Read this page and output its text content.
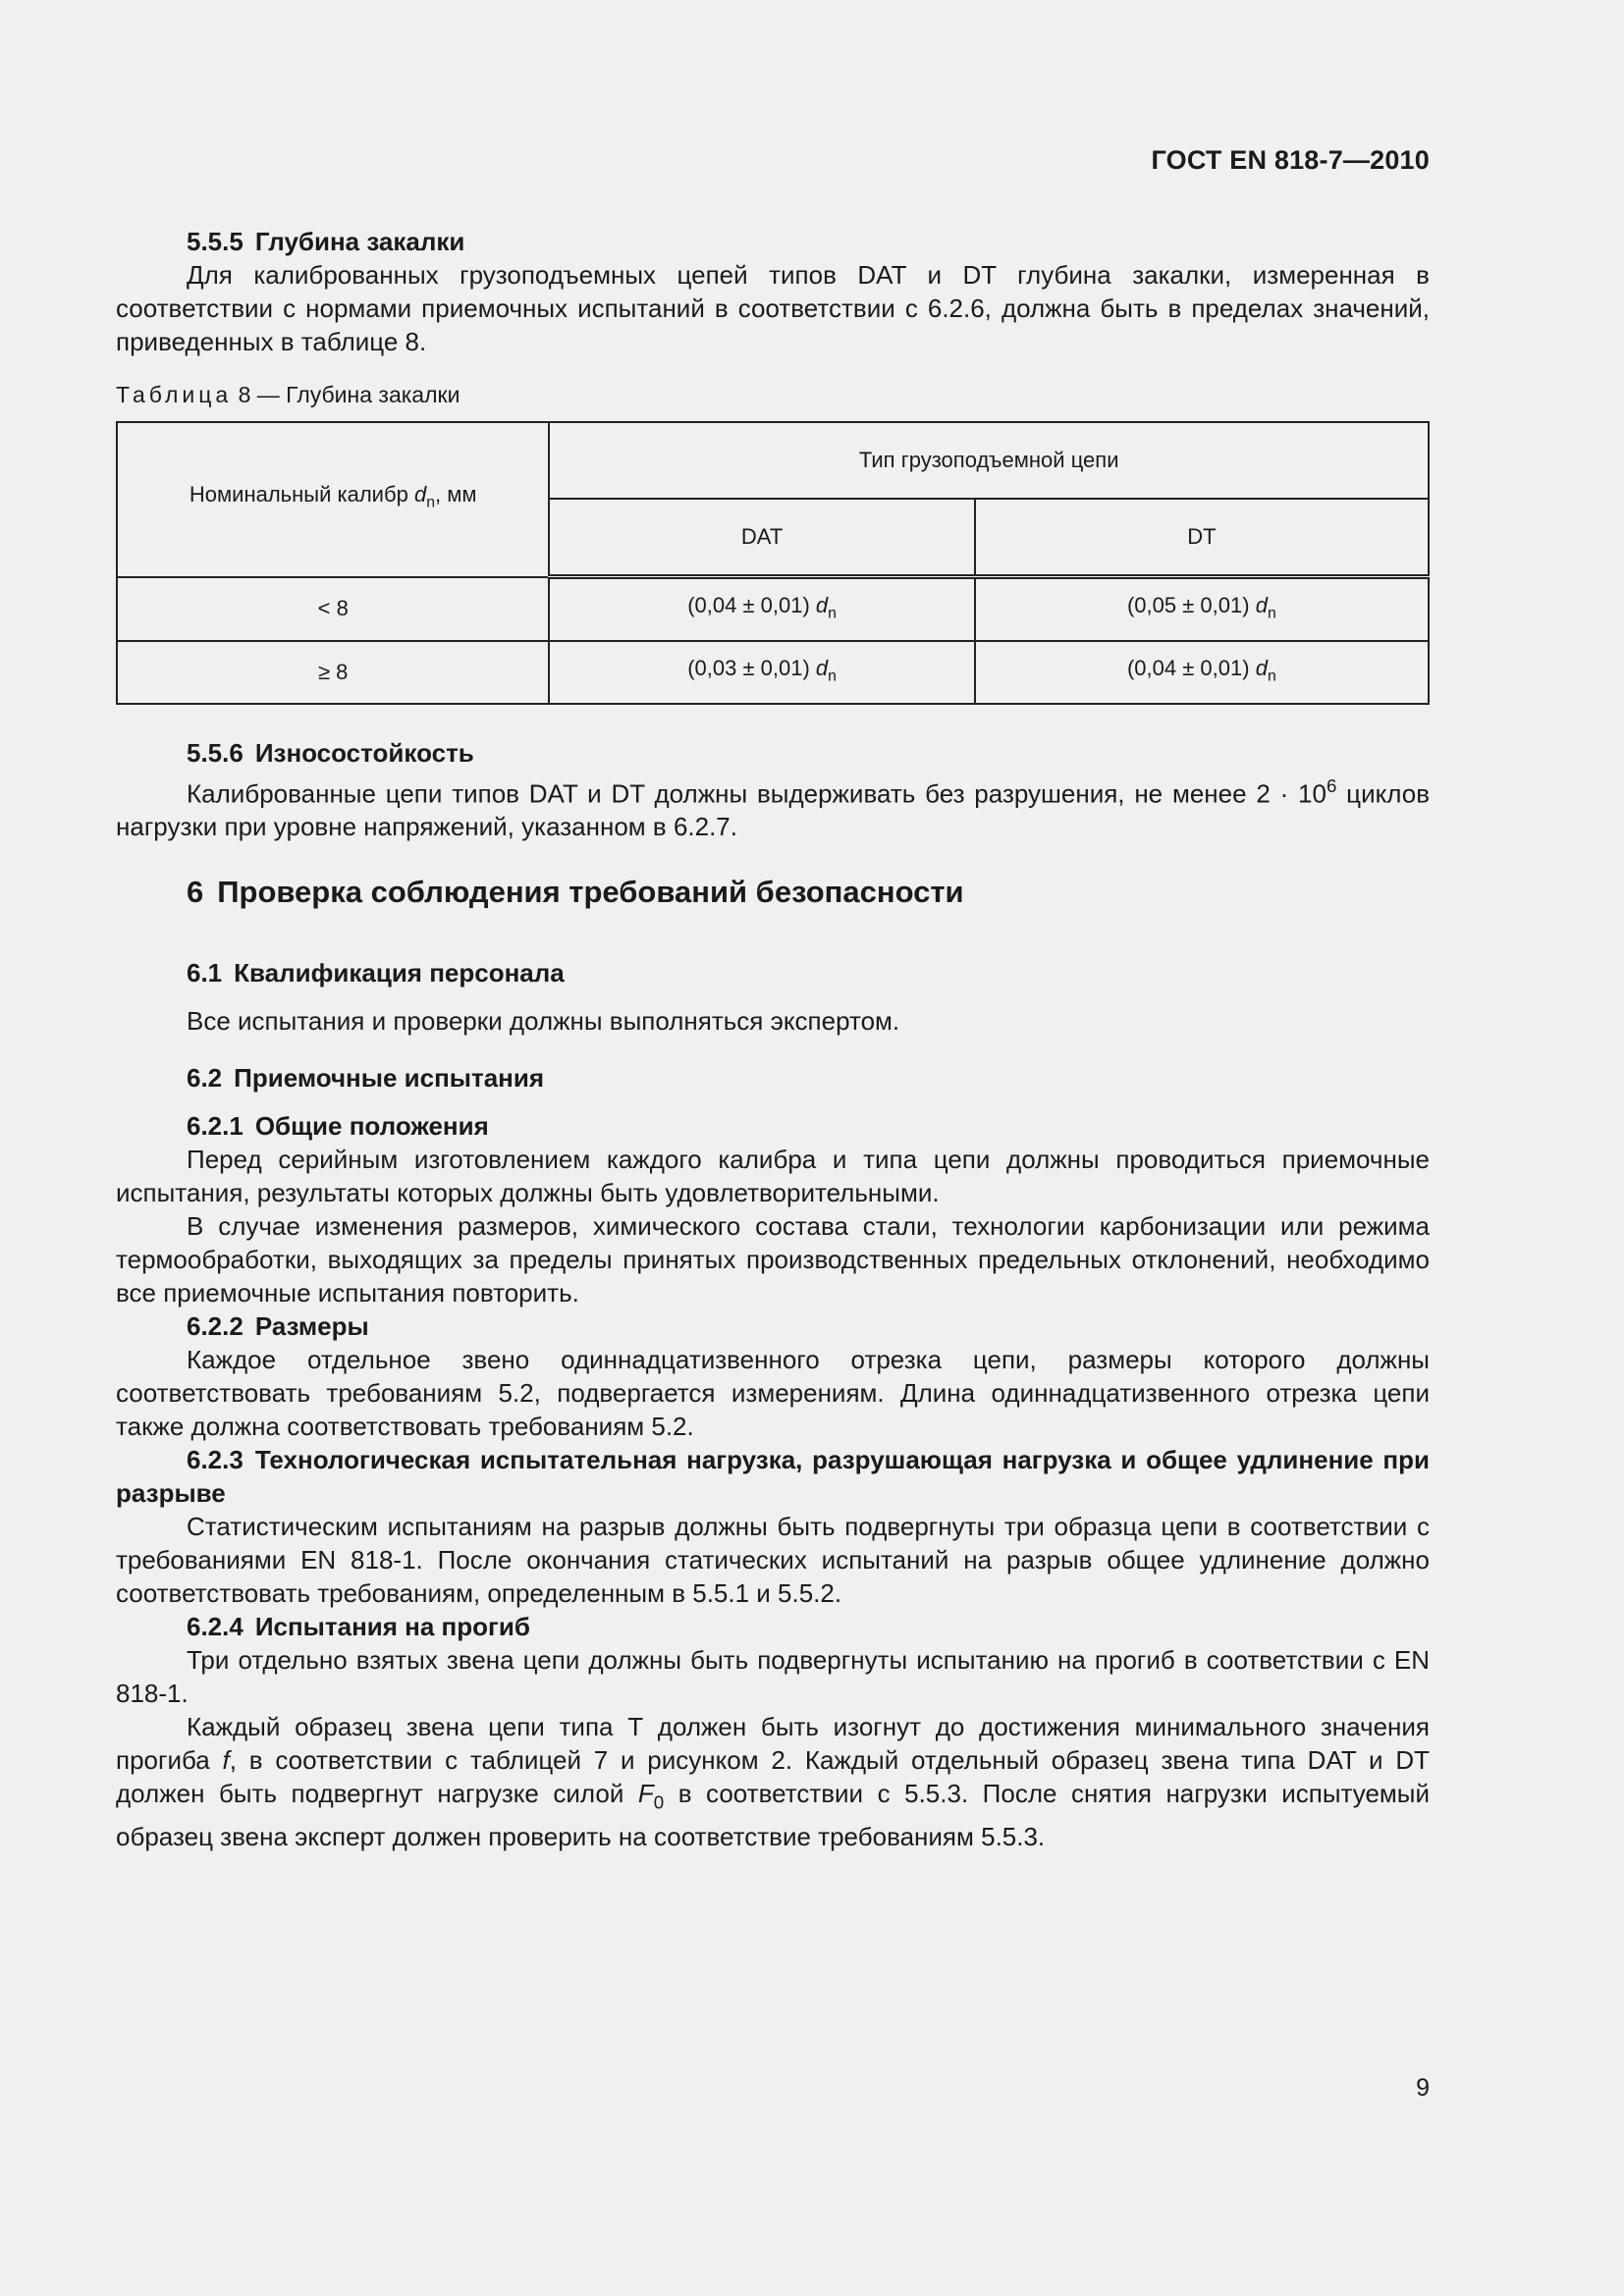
ГОСТ EN 818-7—2010

5.5.5 Глубина закалки

Для калиброванных грузоподъемных цепей типов DAT и DT глубина закалки, измеренная в соответствии с нормами приемочных испытаний в соответствии с 6.2.6, должна быть в пределах значений, приведенных в таблице 8.

Таблица 8 — Глубина закалки

Номинальный калибр $d_n$, мм	Тип грузоподъемной цепи	
	DAT	DT
< 8	(0,04 ± 0,01) $d_n$	(0,05 ± 0,01) $d_n$
≥ 8	(0,03 ± 0,01) $d_n$	(0,04 ± 0,01) $d_n$

5.5.6 Износостойкость

Калиброванные цепи типов DAT и DT должны выдерживать без разрушения, не менее $2 \cdot 10^6$ циклов нагрузки при уровне напряжений, указанном в 6.2.7.

6 Проверка соблюдения требований безопасности

6.1 Квалификация персонала

Все испытания и проверки должны выполняться экспертом.

6.2 Приемочные испытания

6.2.1 Общие положения

Перед серийным изготовлением каждого калибра и типа цепи должны проводиться приемочные испытания, результаты которых должны быть удовлетворительными.

В случае изменения размеров, химического состава стали, технологии карбонизации или режима термообработки, выходящих за пределы принятых производственных предельных отклонений, необходимо все приемочные испытания повторить.

6.2.2 Размеры

Каждое отдельное звено одиннадцатизвенного отрезка цепи, размеры которого должны соответствовать требованиям 5.2, подвергается измерениям. Длина одиннадцатизвенного отрезка цепи также должна соответствовать требованиям 5.2.

6.2.3 Технологическая испытательная нагрузка, разрушающая нагрузка и общее удлинение при разрыве

Статистическим испытаниям на разрыв должны быть подвергнуты три образца цепи в соответствии с требованиями EN 818-1. После окончания статических испытаний на разрыв общее удлинение должно соответствовать требованиям, определенным в 5.5.1 и 5.5.2.

6.2.4 Испытания на прогиб

Три отдельно взятых звена цепи должны быть подвергнуты испытанию на прогиб в соответствии с EN 818-1.

Каждый образец звена цепи типа Т должен быть изогнут до достижения минимального значения прогиба f, в соответствии с таблицей 7 и рисунком 2. Каждый отдельный образец звена типа DAT и DT должен быть подвергнут нагрузке силой $F_0$ в соответствии с 5.5.3. После снятия нагрузки испытуемый образец звена эксперт должен проверить на соответствие требованиям 5.5.3.

9
